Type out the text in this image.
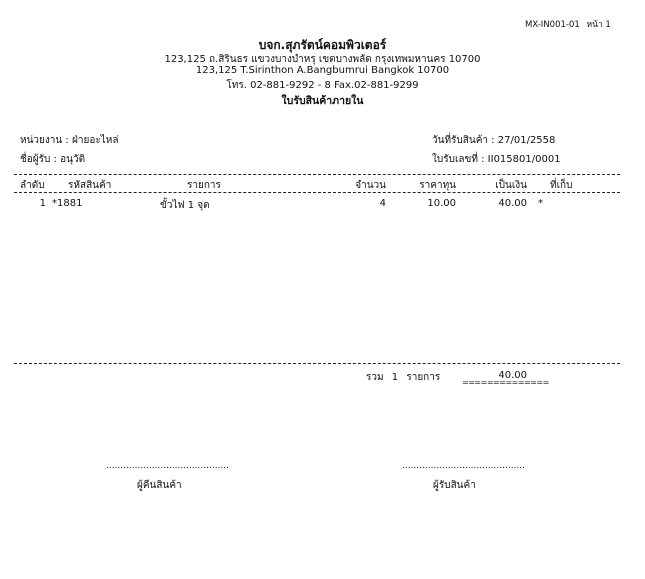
MX-IN001-01 หน้า 1
บจก.สุภรัตน์คอมพิวเตอร์
123,125 ถ.สิรินธร แขวงบางบำหรุ เขตบางพลัด กรุงเทพมหานคร 10700
123,125 T.Sirinthon A.Bangbumrui Bangkok 10700
โทร. 02-881-9292 - 8 Fax.02-881-9299
ใบรับสินค้าภายใน
หน่วยงาน : ฝ่ายอะไหล่
ชื่อผู้รับ : อนุวัติ
วันที่รับสินค้า : 27/01/2558
ใบรับเลขที่ : II015801/0001
ลำดับ รหัสสินค้า	รายการ	จำนวน	ราคาทุน	เป็นเงิน ที่เก็บ
1 *1881	ขั้วไฟ 1 จุด	4	10.00	40.00 *
รวม 1 รายการ	40.00
==============
...........................................
ผู้คืนสินค้า
...........................................
ผู้รับสินค้า
